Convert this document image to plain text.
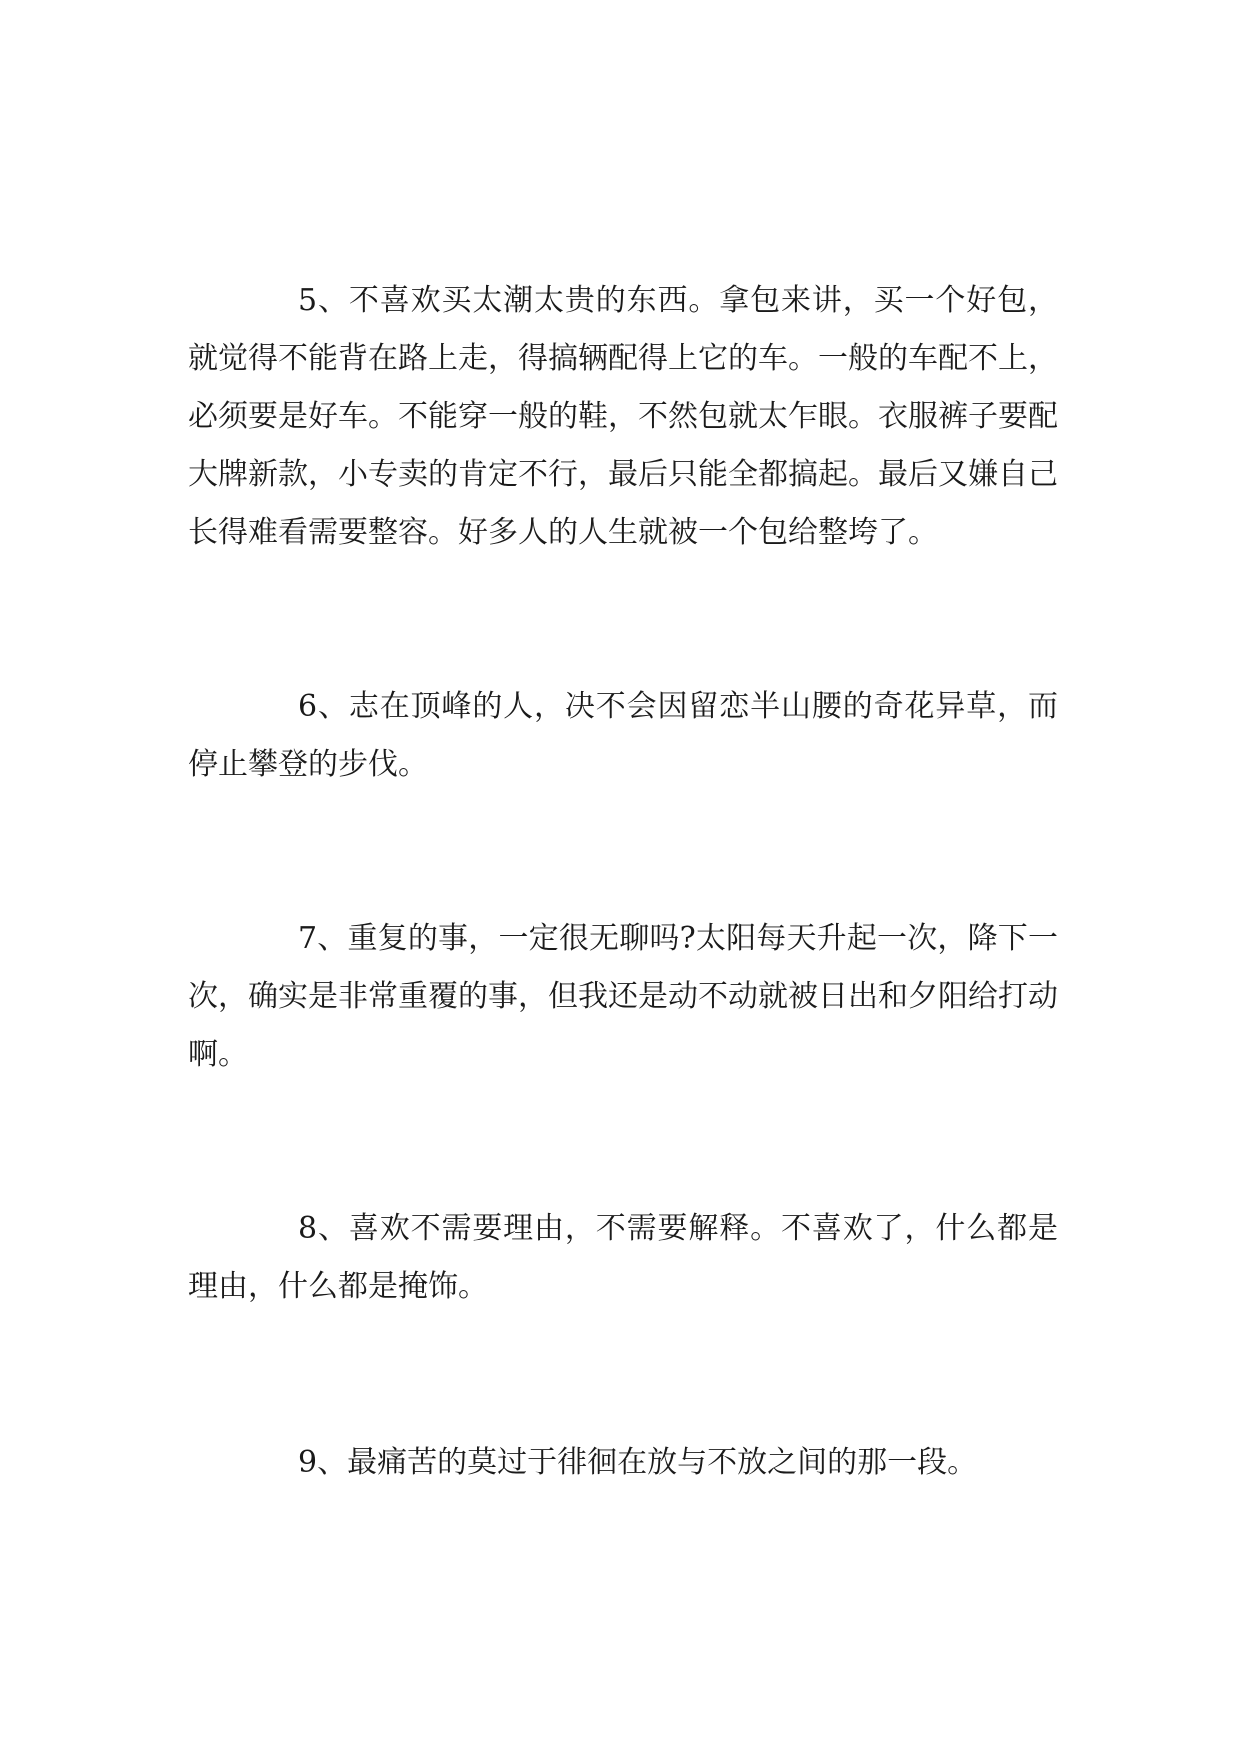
5、不喜欢买太潮太贵的东西。拿包来讲，买一个好包，就觉得不能背在路上走，得搞辆配得上它的车。一般的车配不上，必须要是好车。不能穿一般的鞋，不然包就太乍眼。衣服裤子要配大牌新款，小专卖的肯定不行，最后只能全都搞起。最后又嫌自己长得难看需要整容。好多人的人生就被一个包给整垮了。

6、志在顶峰的人，决不会因留恋半山腰的奇花异草，而停止攀登的步伐。

7、重复的事，一定很无聊吗?太阳每天升起一次，降下一次，确实是非常重覆的事，但我还是动不动就被日出和夕阳给打动啊。

8、喜欢不需要理由，不需要解释。不喜欢了，什么都是理由，什么都是掩饰。

9、最痛苦的莫过于徘徊在放与不放之间的那一段。
